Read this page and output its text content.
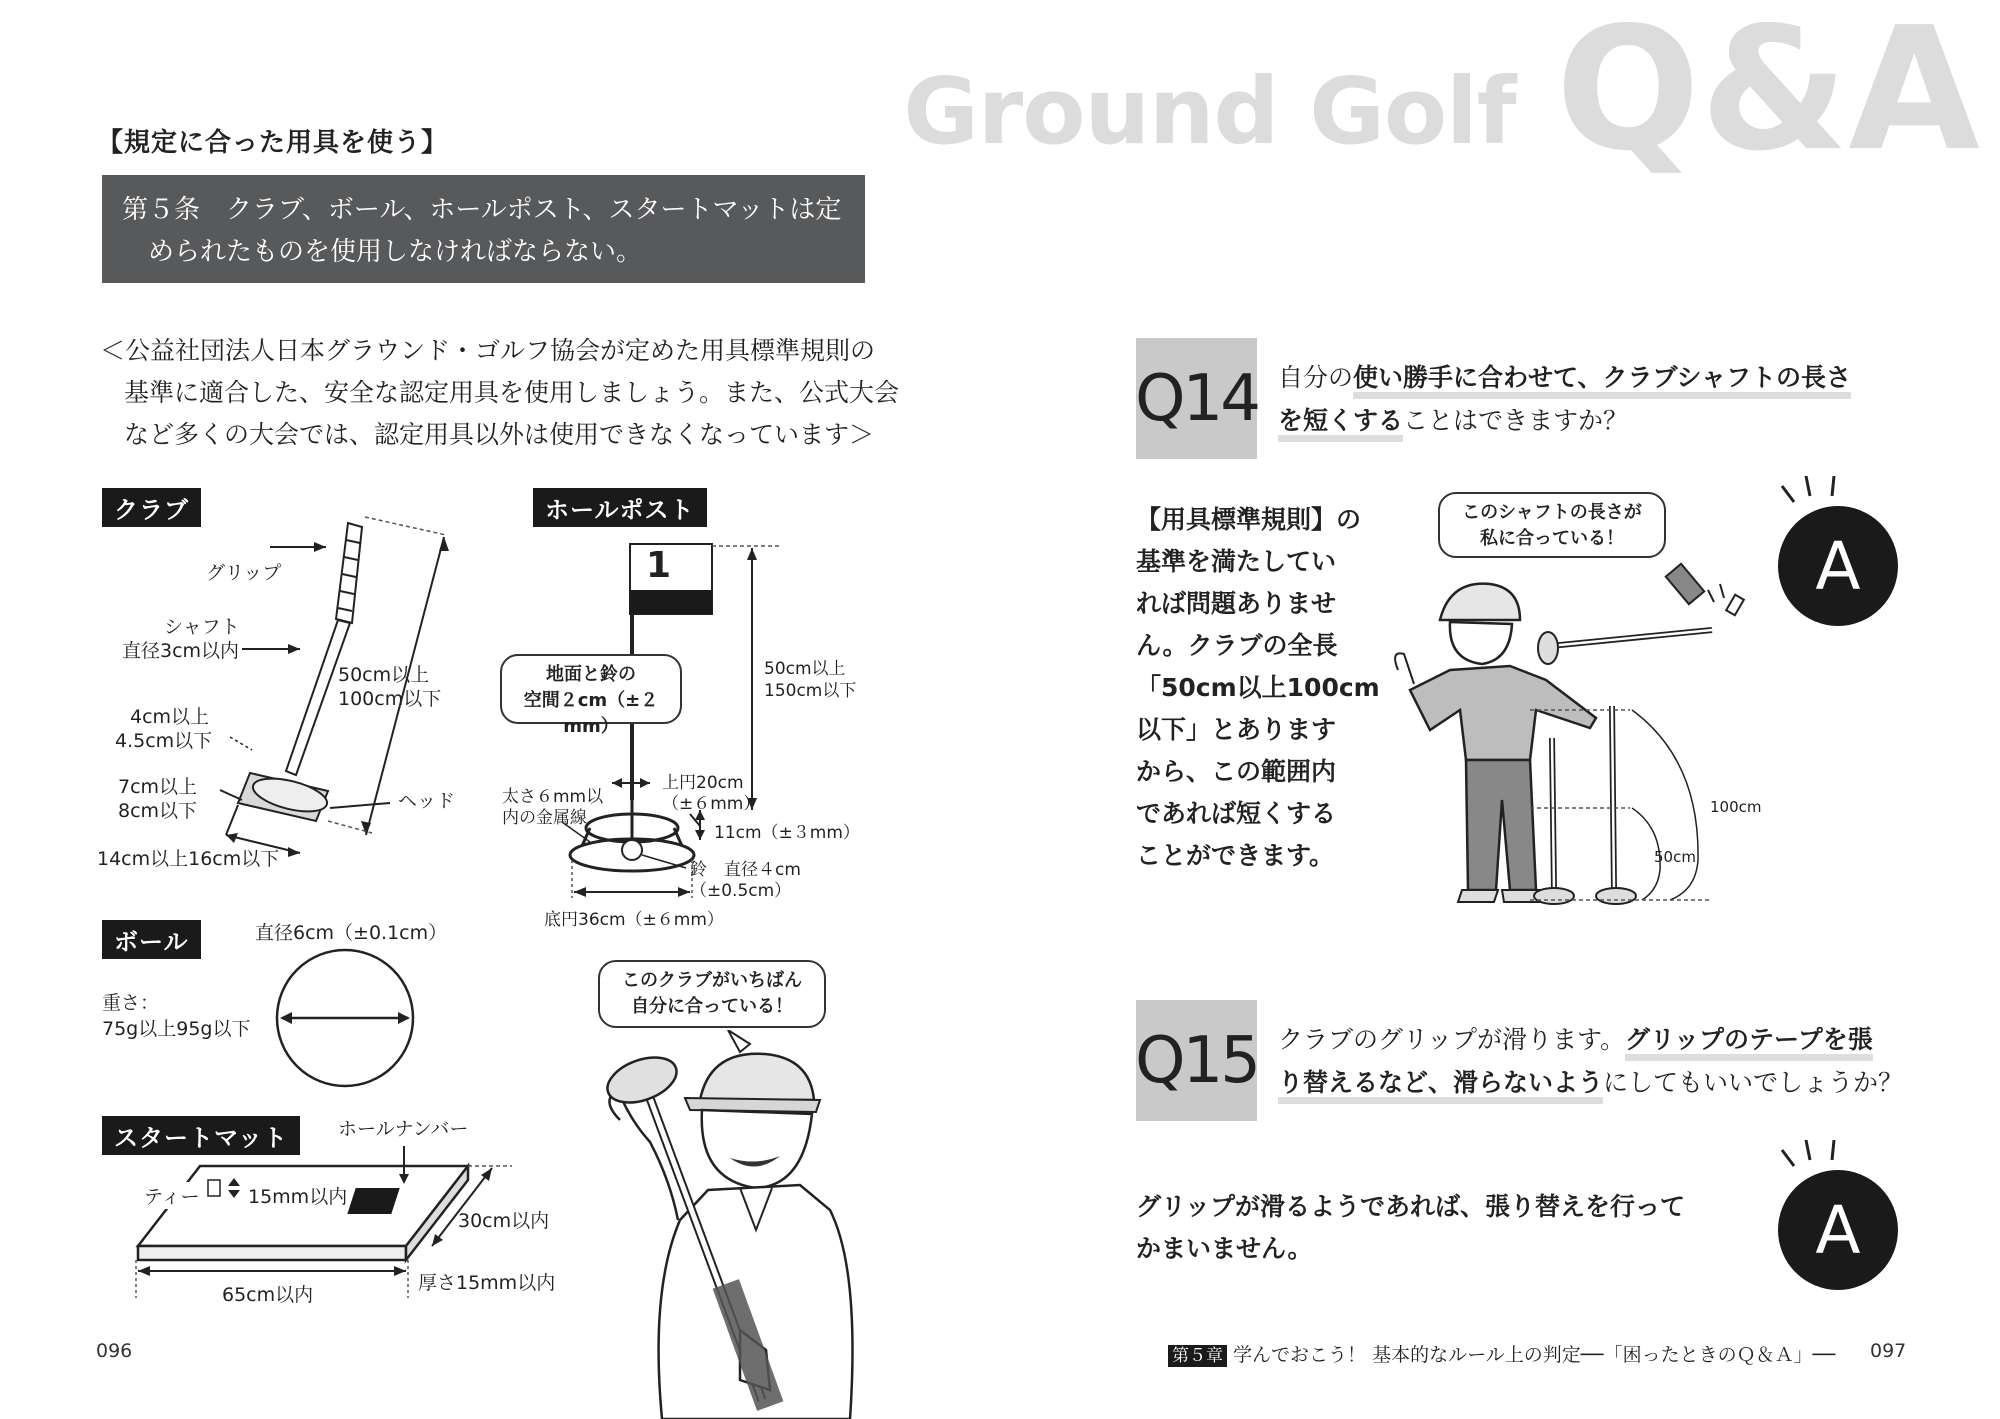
【規定に合った用具を使う】
第５条　クラブ、ボール、ホールポスト、スタートマットは定
められたものを使用しなければならない。
＜公益社団法人日本グラウンド・ゴルフ協会が定めた用具標準規則の
基準に適合した、安全な認定用具を使用しましょう。また、公式大会
など多くの大会では、認定用具以外は使用できなくなっています＞
クラブ
グリップ
シャフト
直径3cm以内
50cm以上
100cm以下
4cm以上
4.5cm以下
7cm以上
8cm以下	ヘッド
14cm以上16cm以下
ホールポスト
1
地面と鈴の
空間２cm（±２mm）
50cm以上
150cm以下
太さ６mm以
内の金属線
上円20cm
（±６mm）
11cm（±３mm）
鈴　直径４cm
（±0.5cm）
底円36cm（±６mm）
ボール	直径6cm（±0.1cm）
重さ：
75g以上95g以下
スタートマット	ホールナンバー
ティー	15mm以内
30cm以内
65cm以内
厚さ15mm以内
このクラブがいちばん
自分に合っている！
096
Ground Golf Q&A
Q14 自分の使い勝手に合わせて、クラブシャフトの長さ
を短くすることはできますか？
【用具標準規則】の
基準を満たしてい
れば問題ありませ
ん。クラブの全長
「50cm以上100cm
以下」とあります
から、この範囲内
であれば短くする
ことができます。
このシャフトの長さが
私に合っている！
100cm
50cm
A
Q15 クラブのグリップが滑ります。グリップのテープを張
り替えるなど、滑らないようにしてもいいでしょうか？
グリップが滑るようであれば、張り替えを行って
かまいません。	A
第５章 学んでおこう！ 基本的なルール上の判定──「困ったときのＱ＆Ａ」── 097
